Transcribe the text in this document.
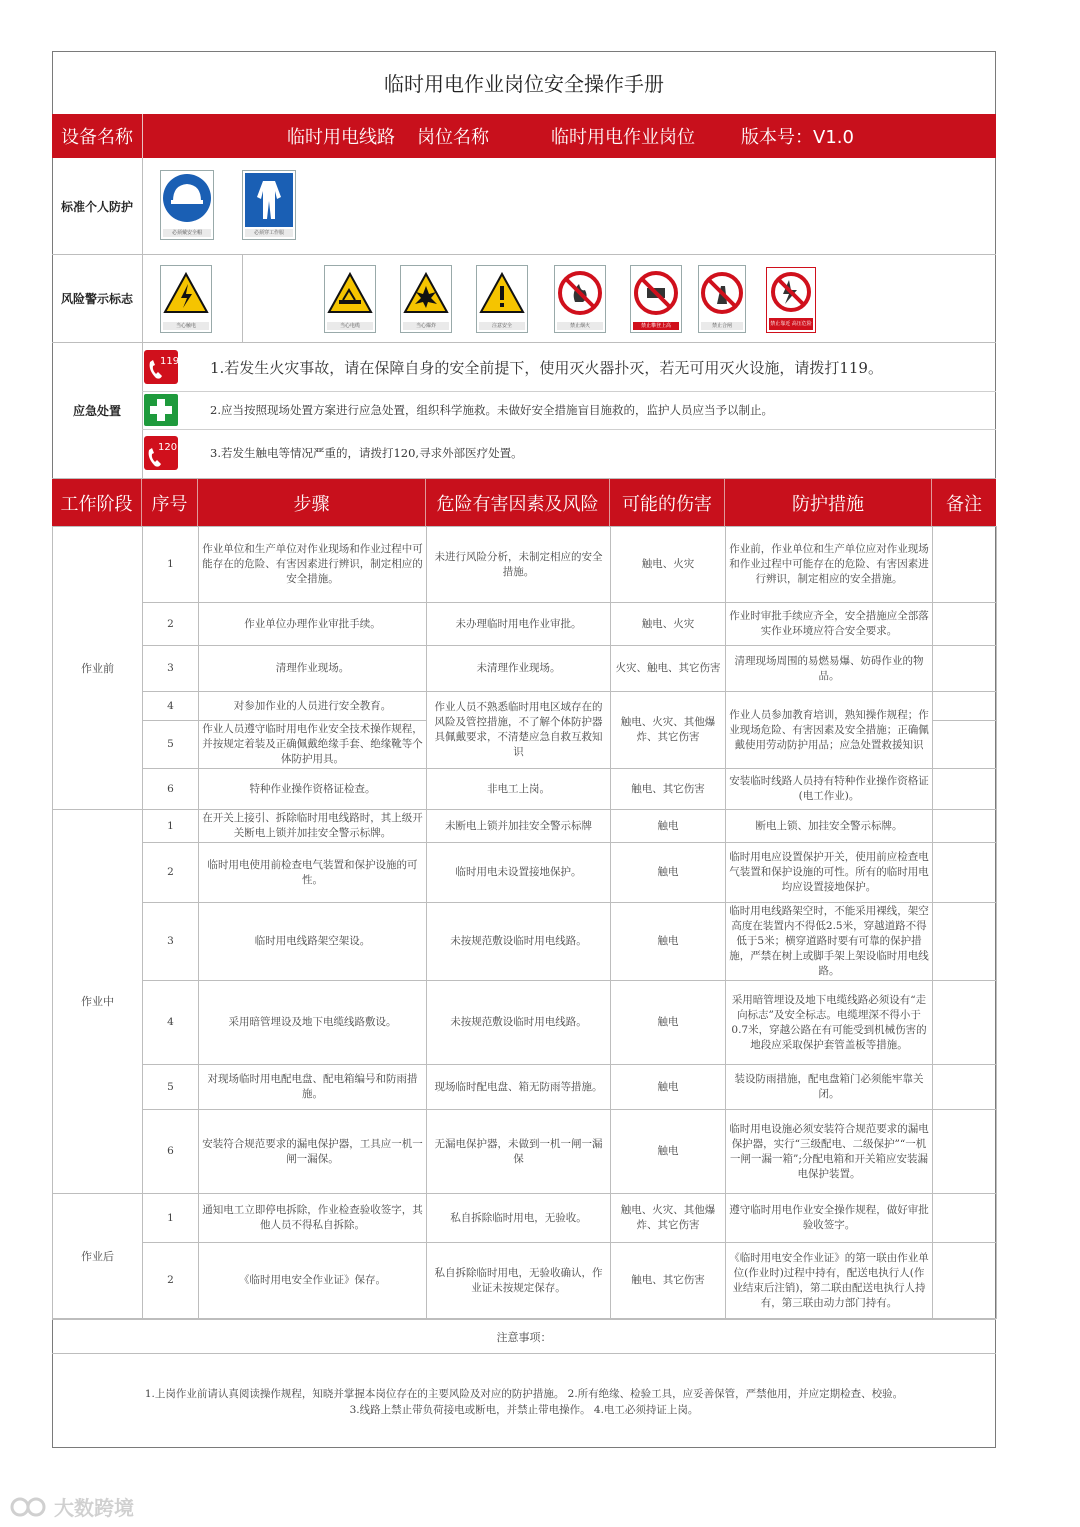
临时用电作业岗位安全操作手册
设备名称	临时用电线路 岗位名称	临时用电作业岗位	版本号：V1.0
标准个人防护
必须戴安全帽	必须穿工作服
风险警示标志
当心触电	当心电缆	当心爆炸	注意安全	禁止烟火	禁止攀登上高	禁止合闸	禁止靠近 高压危险
应急处置
119 1.若发生火灾事故，请在保障自身的安全前提下，使用灭火器扑灭，若无可用灭火设施，请拨打119。
2.应当按照现场处置方案进行应急处置，组织科学施救。未做好安全措施盲目施救的，监护人员应当予以制止。
120	3.若发生触电等情况严重的，请拨打120,寻求外部医疗处置。
工作阶段	序号	步骤	危险有害因素及风险	可能的伤害	防护措施	备注
作业前	1	作业单位和生产单位对作业现场和作业过程中可能存在的危险、有害因素进行辨识，制定相应的安全措施。	未进行风险分析，未制定相应的安全措施。	触电、火灾	作业前，作业单位和生产单位应对作业现场和作业过程中可能存在的危险、有害因素进行辨识，制定相应的安全措施。	
	2	作业单位办理作业审批手续。	未办理临时用电作业审批。	触电、火灾	作业时审批手续应齐全，安全措施应全部落实作业环境应符合安全要求。	
	3	清理作业现场。	未清理作业现场。	火灾、触电、其它伤害	清理现场周围的易燃易爆、妨碍作业的物品。	
	4	对参加作业的人员进行安全教育。	作业人员不熟悉临时用电区域存在的风险及管控措施，不了解个体防护器具佩戴要求，不清楚应急自救互救知识	触电、火灾、其他爆炸、其它伤害	作业人员参加教育培训，熟知操作规程；作业现场危险、有害因素及安全措施；正确佩戴使用劳动防护用品；应急处置救援知识	
	5	作业人员遵守临时用电作业安全技术操作规程，并按规定着装及正确佩戴绝缘手套、绝缘靴等个体防护用具。				
	6	特种作业操作资格证检查。	非电工上岗。	触电、其它伤害	安装临时线路人员持有特种作业操作资格证(电工作业)。	
作业中	1	在开关上接引、拆除临时用电线路时，其上级开关断电上锁并加挂安全警示标牌。	未断电上锁并加挂安全警示标牌	触电	断电上锁、加挂安全警示标牌。	
	2	临时用电使用前检查电气装置和保护设施的可性。	临时用电未设置接地保护。	触电	临时用电应设置保护开关，使用前应检查电气装置和保护设施的可性。所有的临时用电均应设置接地保护。	
	3	临时用电线路架空架设。	未按规范敷设临时用电线路。	触电	临时用电线路架空时，不能采用裸线，架空高度在装置内不得低2.5米，穿越道路不得低于5米；横穿道路时要有可靠的保护措施，严禁在树上或脚手架上架设临时用电线路。	
	4	采用暗管埋设及地下电缆线路敷设。	未按规范敷设临时用电线路。	触电	采用暗管埋设及地下电缆线路必须设有“走向标志”及安全标志。电缆埋深不得小于0.7米，穿越公路在有可能受到机械伤害的地段应采取保护套管盖板等措施。	
	5	对现场临时用电配电盘、配电箱编号和防雨措施。	现场临时配电盘、箱无防雨等措施。	触电	装设防雨措施，配电盘箱门必须能牢靠关闭。	
	6	安装符合规范要求的漏电保护器，工具应一机一闸一漏保。	无漏电保护器，未做到一机一闸一漏保	触电	临时用电设施必须安装符合规范要求的漏电保护器，实行“三级配电、二级保护”“一机一闸一漏一箱”;分配电箱和开关箱应安装漏电保护装置。	
作业后	1	通知电工立即停电拆除，作业检查验收签字，其他人员不得私自拆除。	私自拆除临时用电，无验收。	触电、火灾、其他爆炸、其它伤害	遵守临时用电作业安全操作规程，做好审批验收签字。	
	2	《临时用电安全作业证》保存。	私自拆除临时用电，无验收确认，作业证未按规定保存。	触电、其它伤害	《临时用电安全作业证》的第一联由作业单位(作业时)过程中持有，配送电执行人(作业结束后注销)，第二联由配送电执行人持有，第三联由动力部门持有。	
注意事项：
1.上岗作业前请认真阅读操作规程，知晓并掌握本岗位存在的主要风险及对应的防护措施。 2.所有绝缘、检验工具，应妥善保管，严禁他用，并应定期检查、校验。
3.线路上禁止带负荷接电或断电，并禁止带电操作。 4.电工必须持证上岗。
大数跨境
